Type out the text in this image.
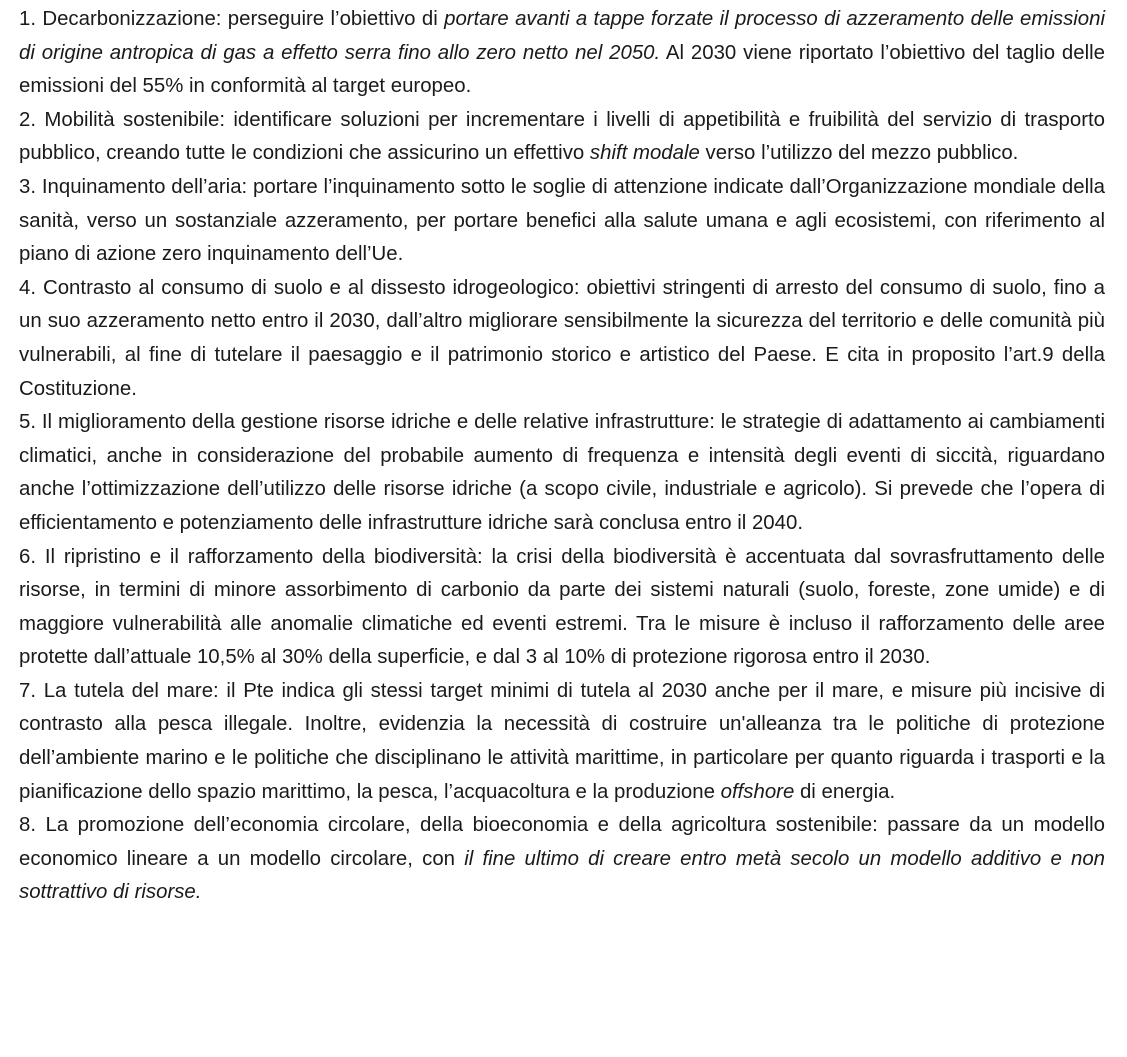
1. Decarbonizzazione: perseguire l’obiettivo di portare avanti a tappe forzate il processo di azzeramento delle emissioni di origine antropica di gas a effetto serra fino allo zero netto nel 2050. Al 2030 viene riportato l’obiettivo del taglio delle emissioni del 55% in conformità al target europeo.

2. Mobilità sostenibile: identificare soluzioni per incrementare i livelli di appetibilità e fruibilità del servizio di trasporto pubblico, creando tutte le condizioni che assicurino un effettivo shift modale verso l’utilizzo del mezzo pubblico.

3. Inquinamento dell’aria: portare l’inquinamento sotto le soglie di attenzione indicate dall’Organizzazione mondiale della sanità, verso un sostanziale azzeramento, per portare benefici alla salute umana e agli ecosistemi, con riferimento al piano di azione zero inquinamento dell’Ue.

4. Contrasto al consumo di suolo e al dissesto idrogeologico: obiettivi stringenti di arresto del consumo di suolo, fino a un suo azzeramento netto entro il 2030, dall’altro migliorare sensibilmente la sicurezza del territorio e delle comunità più vulnerabili, al fine di tutelare il paesaggio e il patrimonio storico e artistico del Paese. E cita in proposito l’art.9 della Costituzione.

5. Il miglioramento della gestione risorse idriche e delle relative infrastrutture: le strategie di adattamento ai cambiamenti climatici, anche in considerazione del probabile aumento di frequenza e intensità degli eventi di siccità, riguardano anche l’ottimizzazione dell’utilizzo delle risorse idriche (a scopo civile, industriale e agricolo). Si prevede che l’opera di efficientamento e potenziamento delle infrastrutture idriche sarà conclusa entro il 2040.

6. Il ripristino e il rafforzamento della biodiversità: la crisi della biodiversità è accentuata dal sovrasfruttamento delle risorse, in termini di minore assorbimento di carbonio da parte dei sistemi naturali (suolo, foreste, zone umide) e di maggiore vulnerabilità alle anomalie climatiche ed eventi estremi. Tra le misure è incluso il rafforzamento delle aree protette dall’attuale 10,5% al 30% della superficie, e dal 3 al 10% di protezione rigorosa entro il 2030.

7. La tutela del mare: il Pte indica gli stessi target minimi di tutela al 2030 anche per il mare, e misure più incisive di contrasto alla pesca illegale. Inoltre, evidenzia la necessità di costruire un'alleanza tra le politiche di protezione dell’ambiente marino e le politiche che disciplinano le attività marittime, in particolare per quanto riguarda i trasporti e la pianificazione dello spazio marittimo, la pesca, l’acquacoltura e la produzione offshore di energia.

8. La promozione dell’economia circolare, della bioeconomia e della agricoltura sostenibile: passare da un modello economico lineare a un modello circolare, con il fine ultimo di creare entro metà secolo un modello additivo e non sottrattivo di risorse.
